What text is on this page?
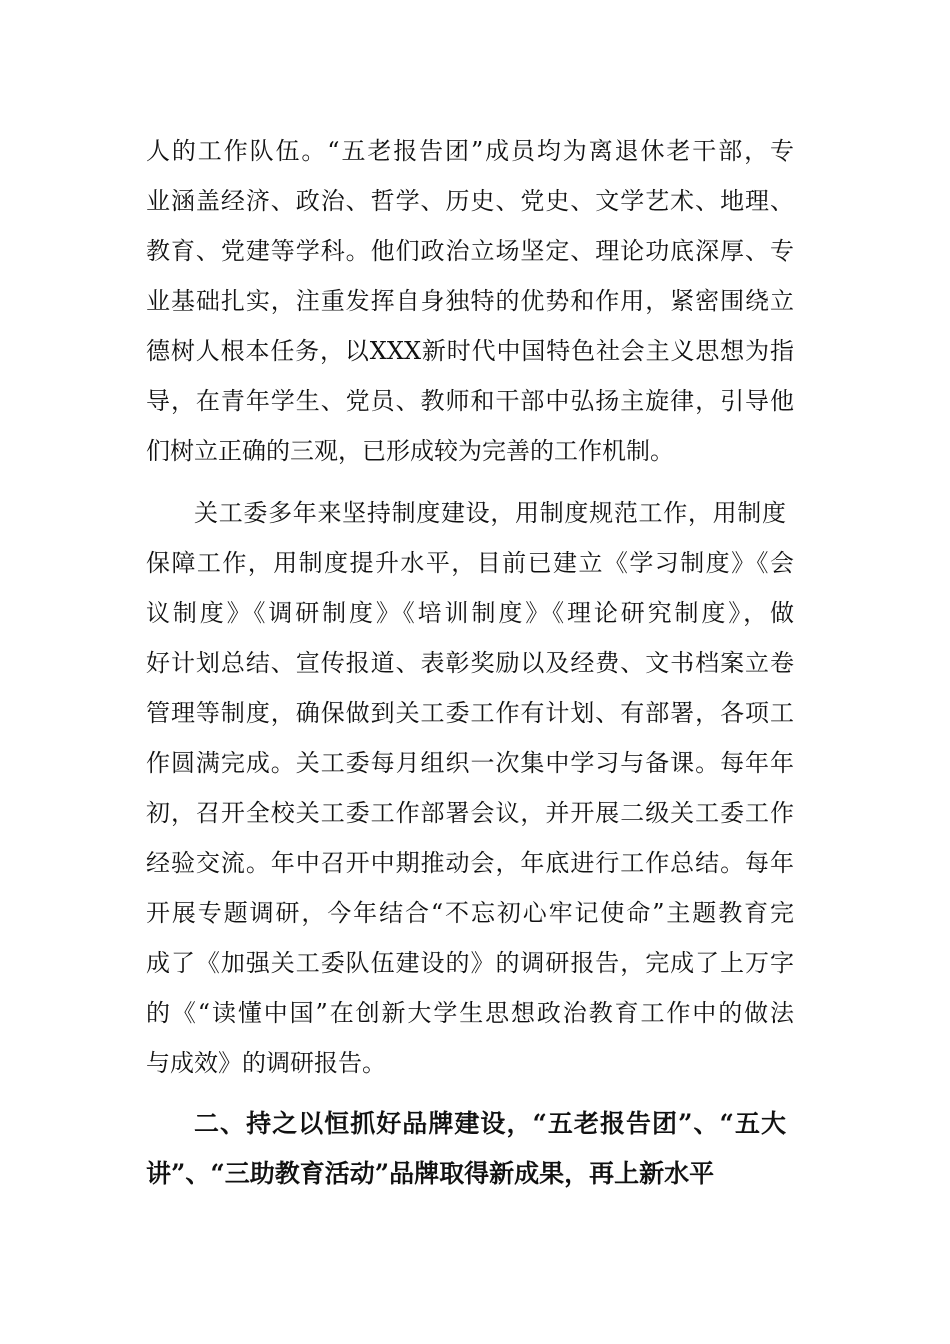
人的工作队伍。“五老报告团”成员均为离退休老干部，专
业涵盖经济、政治、哲学、历史、党史、文学艺术、地理、
教育、党建等学科。他们政治立场坚定、理论功底深厚、专
业基础扎实，注重发挥自身独特的优势和作用，紧密围绕立
德树人根本任务，以XXX新时代中国特色社会主义思想为指
导，在青年学生、党员、教师和干部中弘扬主旋律，引导他
们树立正确的三观，已形成较为完善的工作机制。
关工委多年来坚持制度建设，用制度规范工作，用制度
保障工作，用制度提升水平，目前已建立《学习制度》《会
议制度》《调研制度》《培训制度》《理论研究制度》，做
好计划总结、宣传报道、表彰奖励以及经费、文书档案立卷
管理等制度，确保做到关工委工作有计划、有部署，各项工
作圆满完成。关工委每月组织一次集中学习与备课。每年年
初，召开全校关工委工作部署会议，并开展二级关工委工作
经验交流。年中召开中期推动会，年底进行工作总结。每年
开展专题调研，今年结合“不忘初心牢记使命”主题教育完
成了《加强关工委队伍建设的》的调研报告，完成了上万字
的《“读懂中国”在创新大学生思想政治教育工作中的做法
与成效》的调研报告。
二、持之以恒抓好品牌建设，“五老报告团”、“五大
讲”、“三助教育活动”品牌取得新成果，再上新水平
